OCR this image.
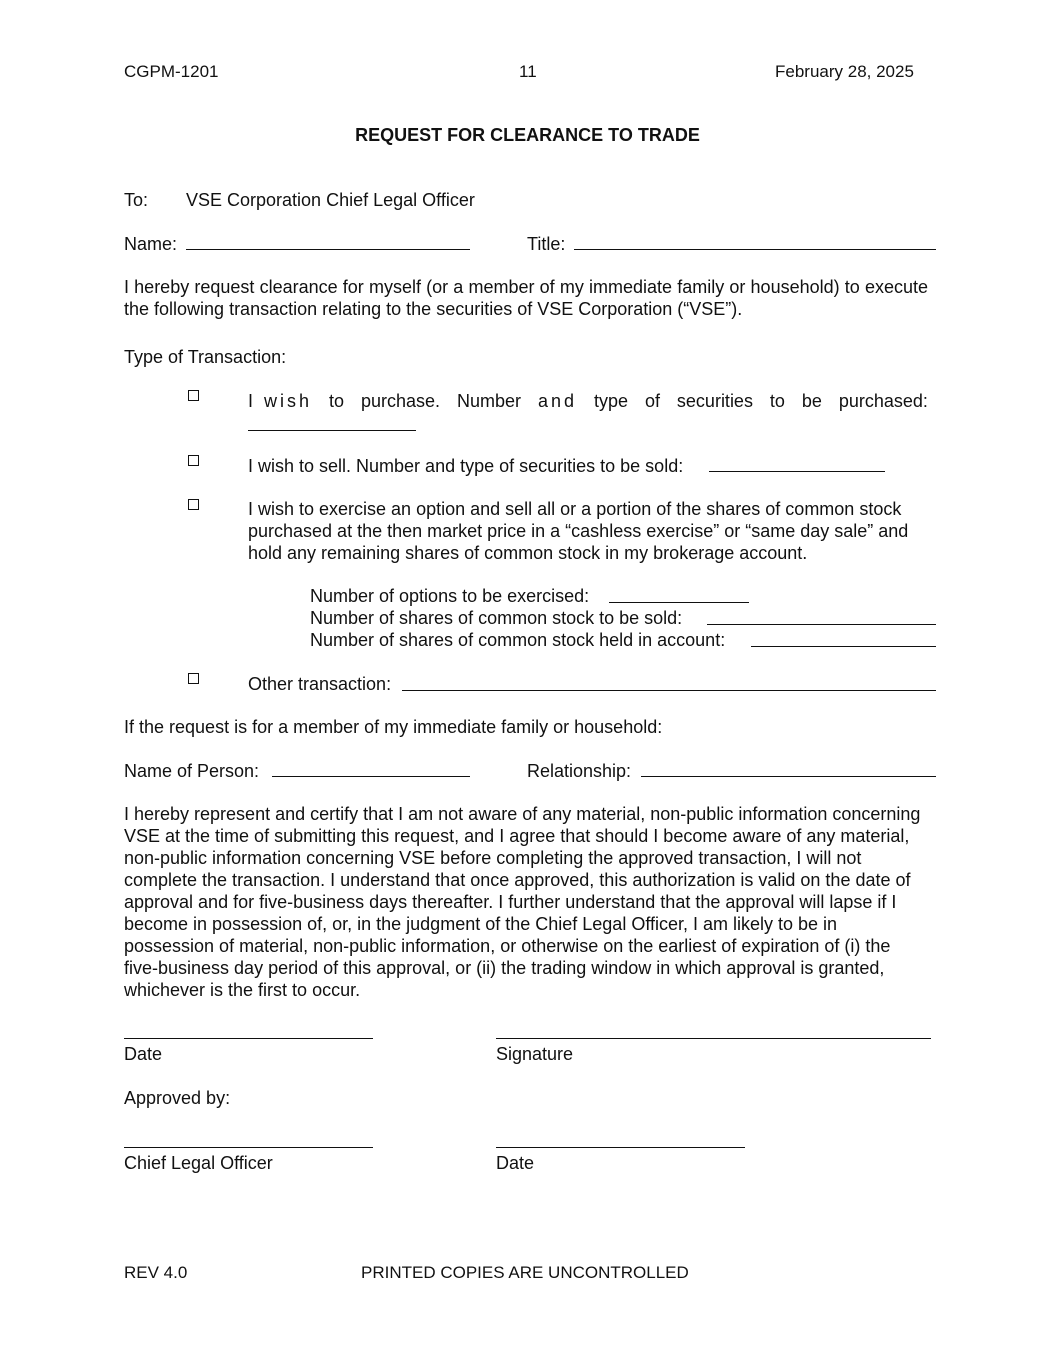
CGPM-1201	11	February 28, 2025
REQUEST FOR CLEARANCE TO TRADE
To: VSE Corporation Chief Legal Officer
Name:	Title:
I hereby request clearance for myself (or a member of my immediate family or household) to execute the following transaction relating to the securities of VSE Corporation (“VSE”).
Type of Transaction:
I wish to purchase. Number and type of securities to be purchased:
I wish to sell. Number and type of securities to be sold:
I wish to exercise an option and sell all or a portion of the shares of common stock purchased at the then market price in a “cashless exercise” or “same day sale” and hold any remaining shares of common stock in my brokerage account.
Number of options to be exercised:
Number of shares of common stock to be sold:
Number of shares of common stock held in account:
Other transaction:
If the request is for a member of my immediate family or household:
Name of Person:	Relationship:
I hereby represent and certify that I am not aware of any material, non-public information concerning VSE at the time of submitting this request, and I agree that should I become aware of any material, non-public information concerning VSE before completing the approved transaction, I will not complete the transaction. I understand that once approved, this authorization is valid on the date of approval and for five-business days thereafter. I further understand that the approval will lapse if I become in possession of, or, in the judgment of the Chief Legal Officer, I am likely to be in possession of material, non-public information, or otherwise on the earliest of expiration of (i) the five-business day period of this approval, or (ii) the trading window in which approval is granted, whichever is the first to occur.
Date	Signature
Approved by:
Chief Legal Officer	Date
REV 4.0	PRINTED COPIES ARE UNCONTROLLED
